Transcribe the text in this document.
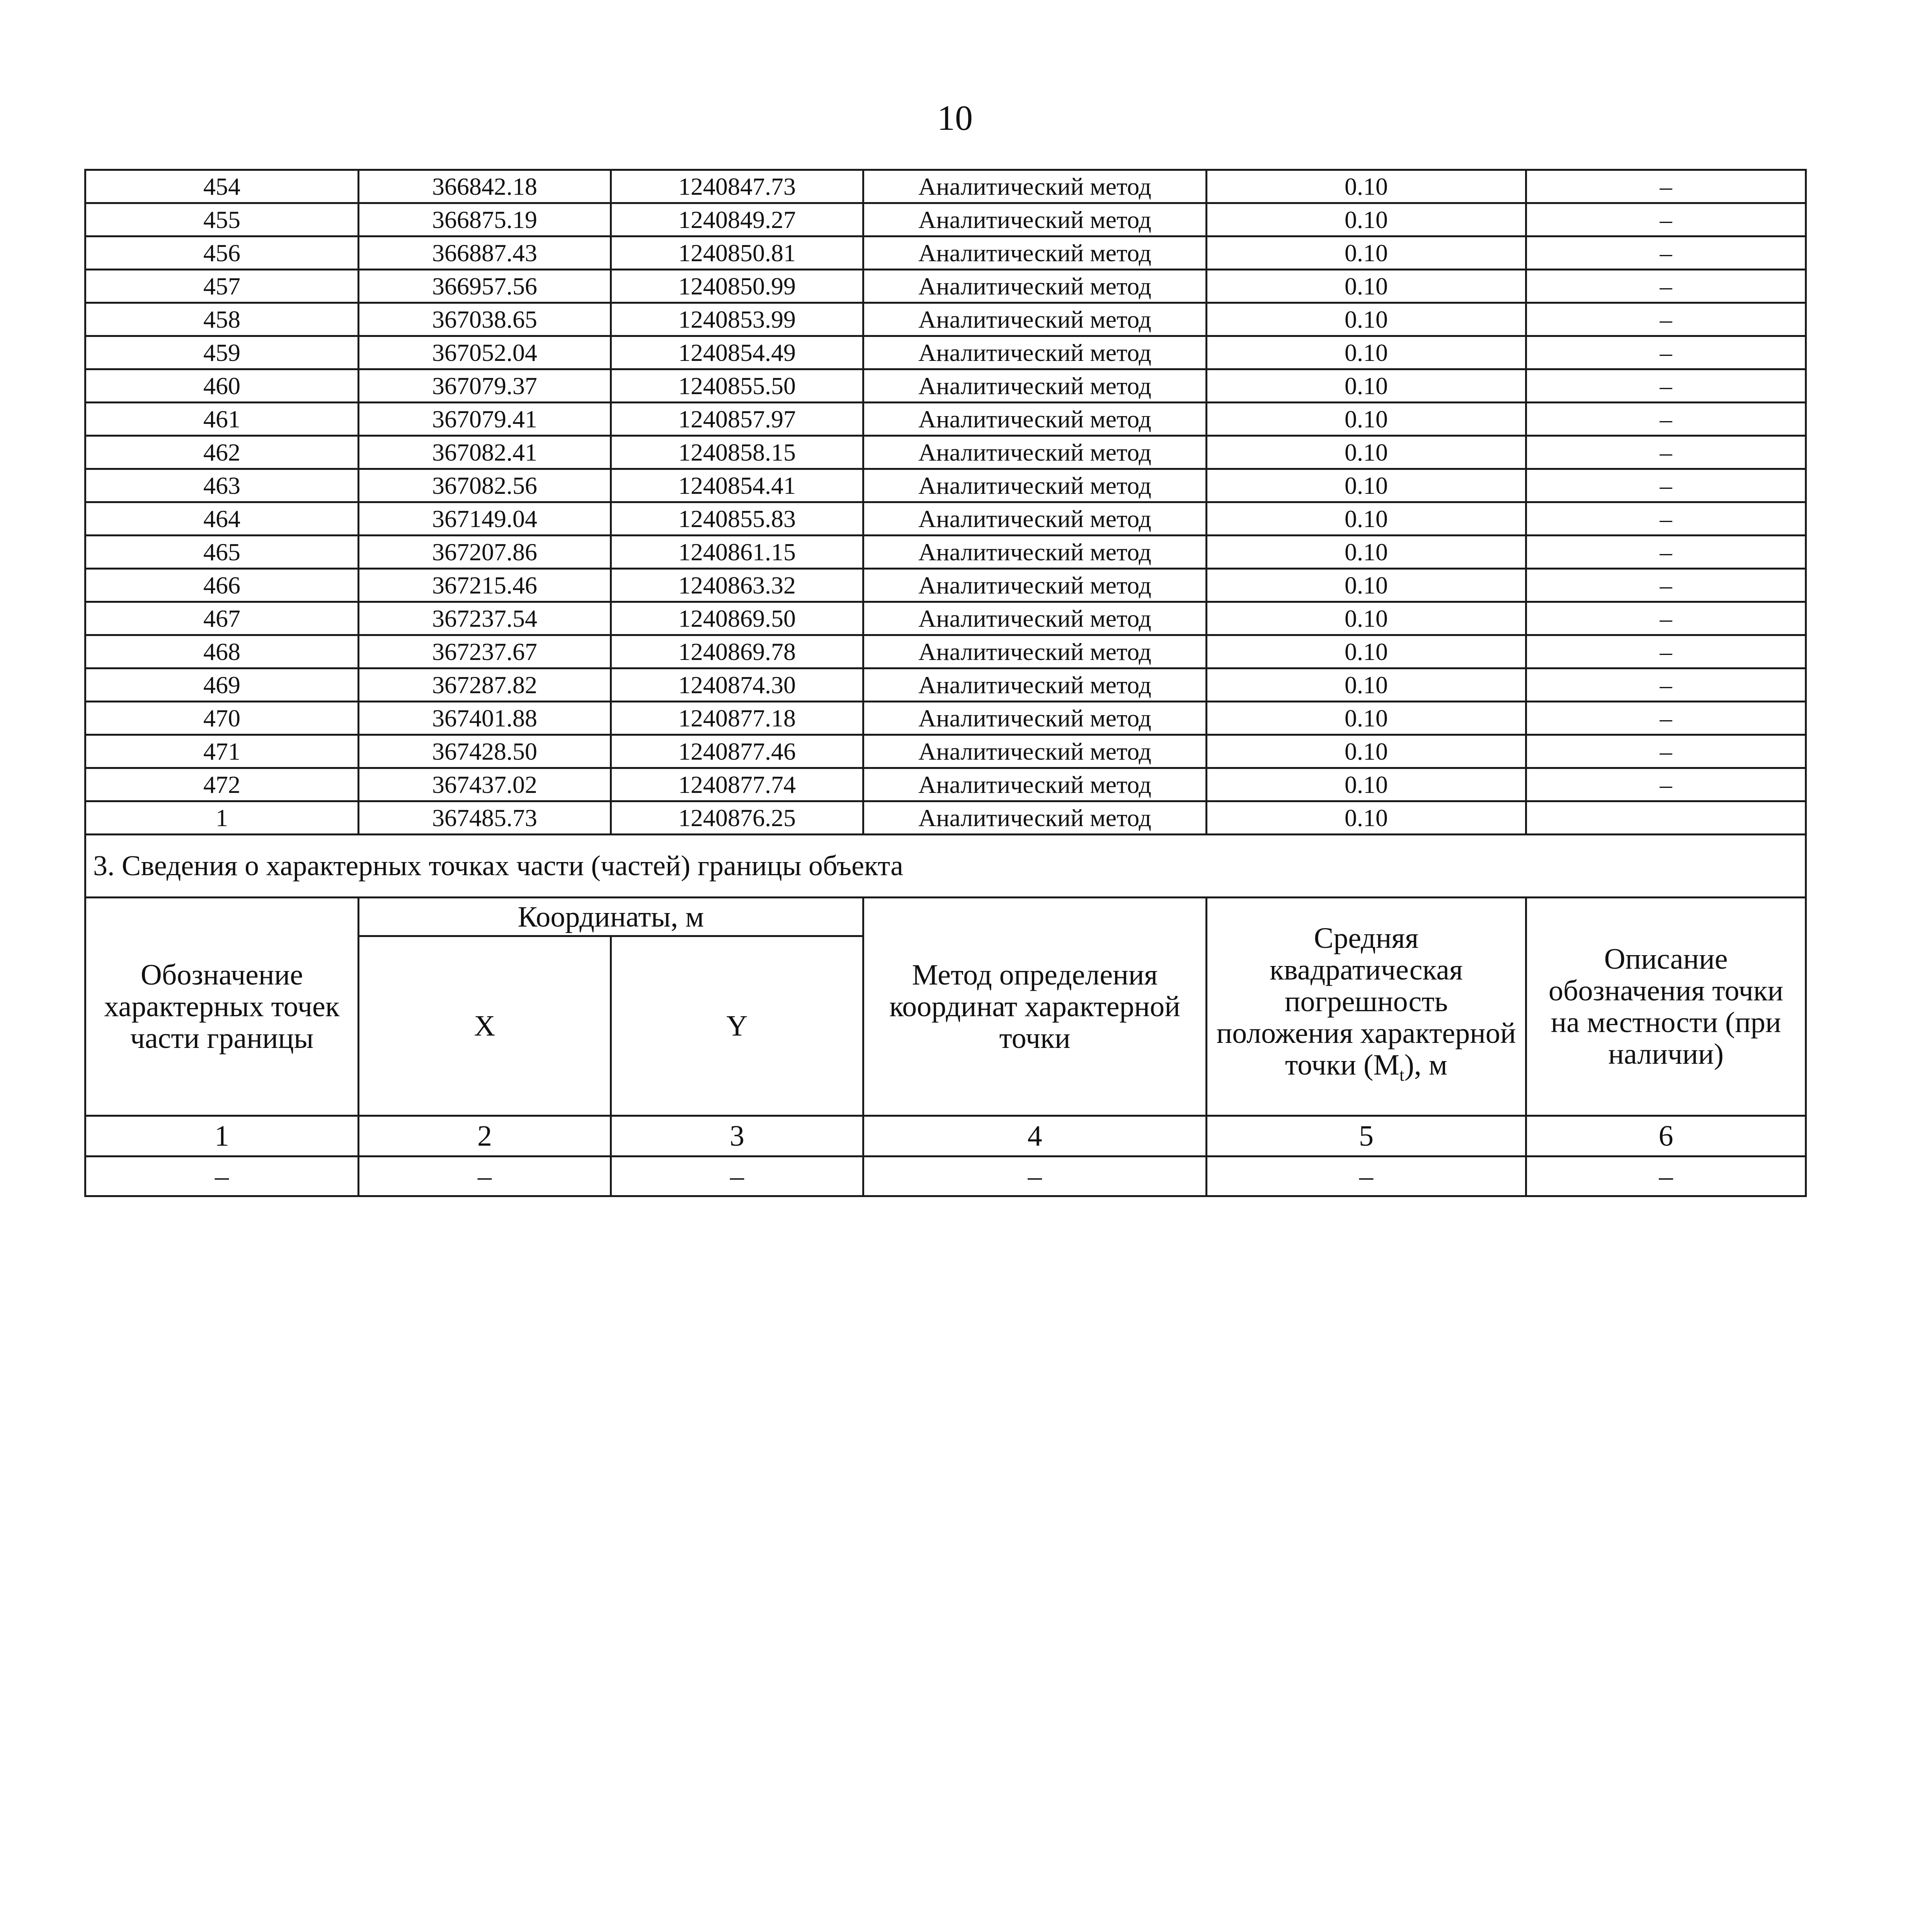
10
454	366842.18	1240847.73	Аналитический метод	0.10	–
455	366875.19	1240849.27	Аналитический метод	0.10	–
456	366887.43	1240850.81	Аналитический метод	0.10	–
457	366957.56	1240850.99	Аналитический метод	0.10	–
458	367038.65	1240853.99	Аналитический метод	0.10	–
459	367052.04	1240854.49	Аналитический метод	0.10	–
460	367079.37	1240855.50	Аналитический метод	0.10	–
461	367079.41	1240857.97	Аналитический метод	0.10	–
462	367082.41	1240858.15	Аналитический метод	0.10	–
463	367082.56	1240854.41	Аналитический метод	0.10	–
464	367149.04	1240855.83	Аналитический метод	0.10	–
465	367207.86	1240861.15	Аналитический метод	0.10	–
466	367215.46	1240863.32	Аналитический метод	0.10	–
467	367237.54	1240869.50	Аналитический метод	0.10	–
468	367237.67	1240869.78	Аналитический метод	0.10	–
469	367287.82	1240874.30	Аналитический метод	0.10	–
470	367401.88	1240877.18	Аналитический метод	0.10	–
471	367428.50	1240877.46	Аналитический метод	0.10	–
472	367437.02	1240877.74	Аналитический метод	0.10	–
1	367485.73	1240876.25	Аналитический метод	0.10	
3. Сведения о характерных точках части (частей) границы объекта					
Обозначение характерных точек части границы	Координаты, м		Метод определения координат характерной точки	Средняя квадратическая погрешность положения характерной точки $(M_t)$, м	Описание обозначения точки на местности (при наличии)
	X	Y			
1	2	3	4	5	6
–	–	–	–	–	–
